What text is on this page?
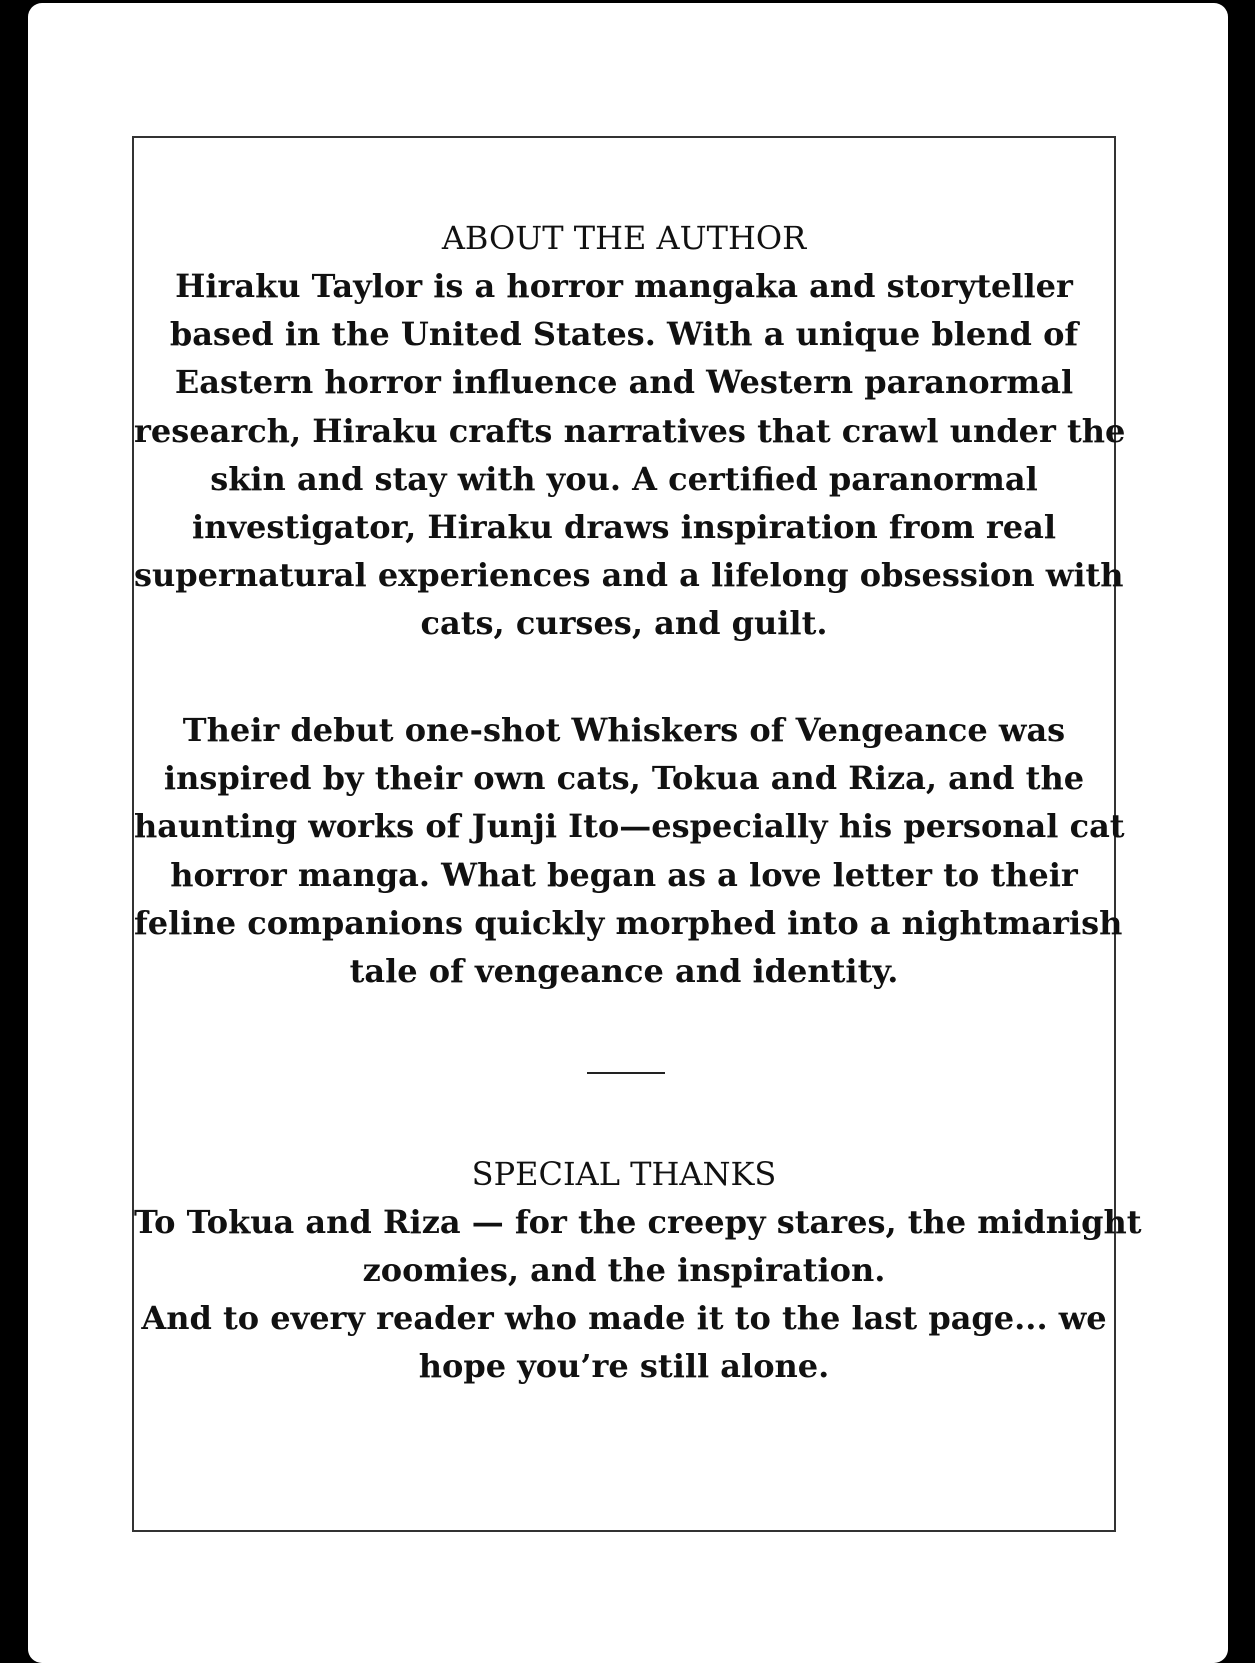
ABOUT THE AUTHOR

Hiraku Taylor is a horror mangaka and storyteller
based in the United States. With a unique blend of
Eastern horror influence and Western paranormal
research, Hiraku crafts narratives that crawl under the
skin and stay with you. A certified paranormal
investigator, Hiraku draws inspiration from real
supernatural experiences and a lifelong obsession with
cats, curses, and guilt.

Their debut one-shot Whiskers of Vengeance was
inspired by their own cats, Tokua and Riza, and the
haunting works of Junji Ito—especially his personal cat
horror manga. What began as a love letter to their
feline companions quickly morphed into a nightmarish
tale of vengeance and identity.

SPECIAL THANKS

To Tokua and Riza — for the creepy stares, the midnight
zoomies, and the inspiration.

And to every reader who made it to the last page... we
hope you’re still alone.
